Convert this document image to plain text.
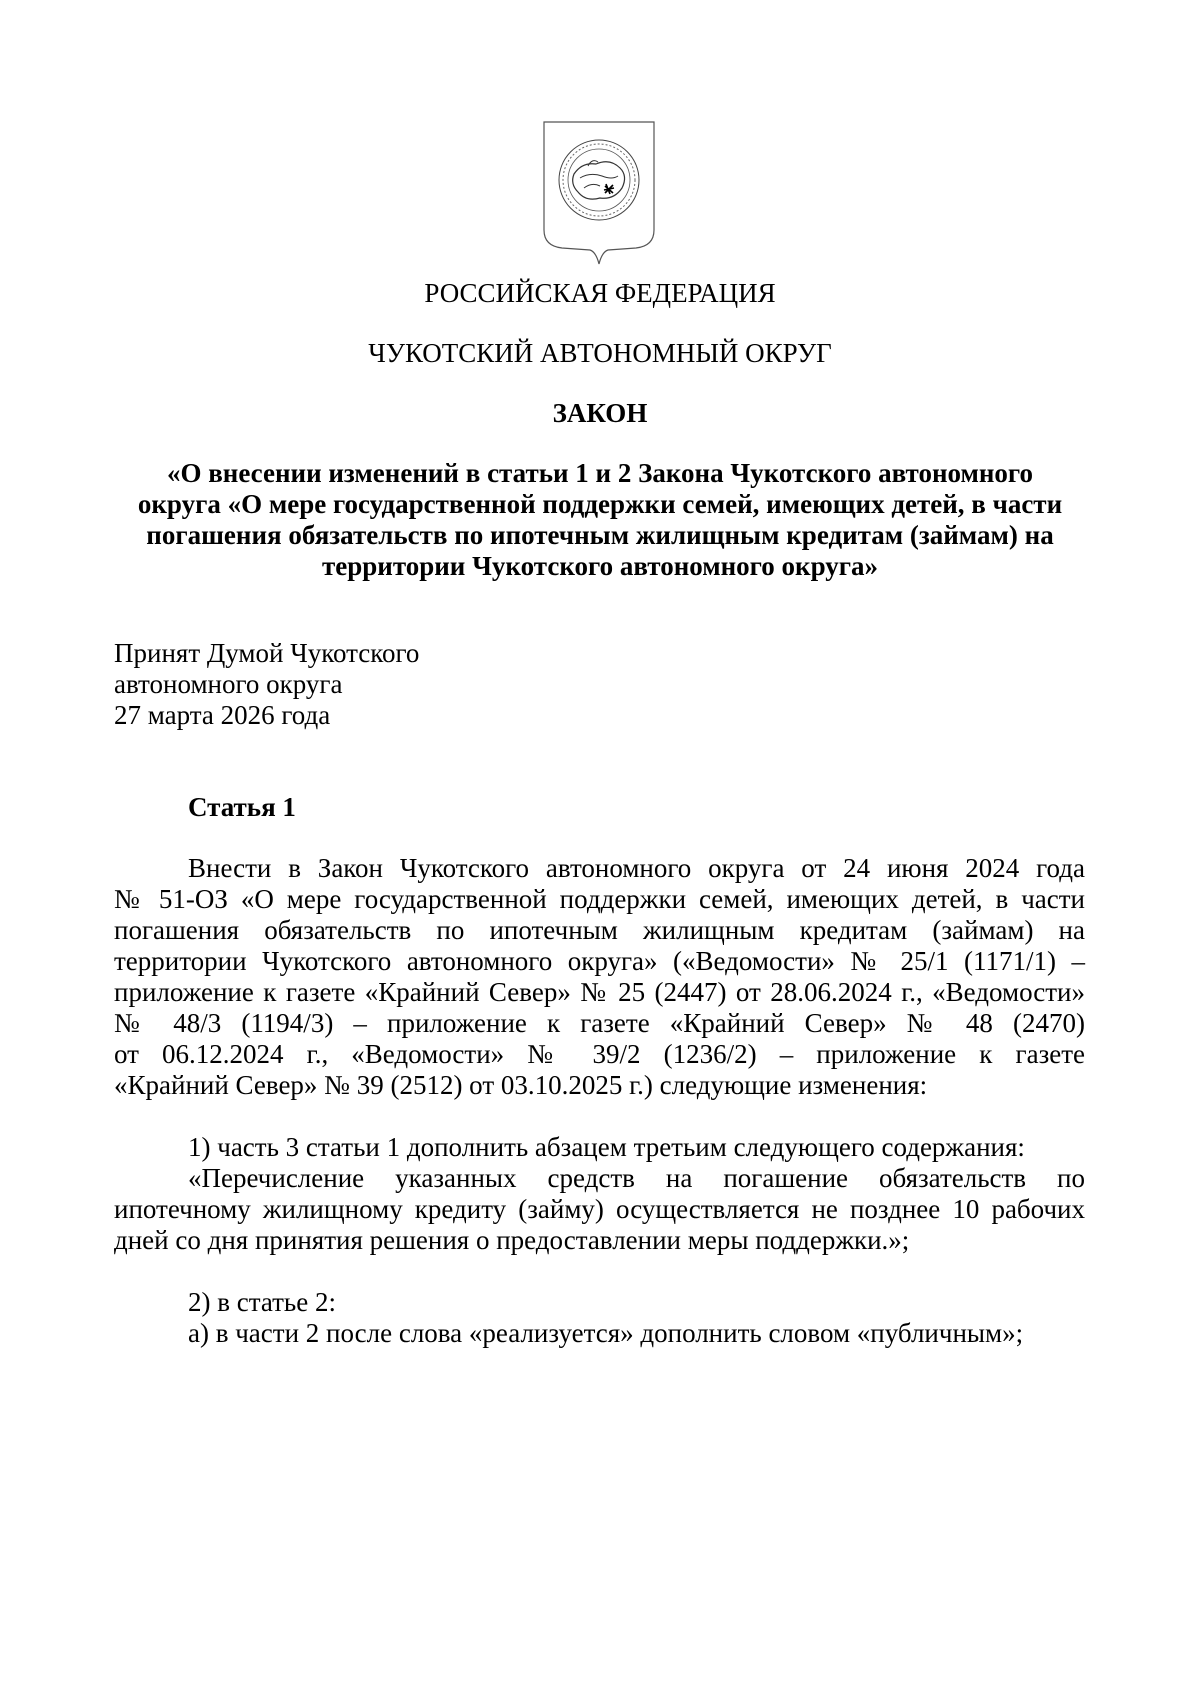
РОССИЙСКАЯ ФЕДЕРАЦИЯ

ЧУКОТСКИЙ АВТОНОМНЫЙ ОКРУГ

ЗАКОН

«О внесении изменений в статьи 1 и 2 Закона Чукотского автономного

округа «О мере государственной поддержки семей, имеющих детей, в части

погашения обязательств по ипотечным жилищным кредитам (займам) на

территории Чукотского автономного округа»

Принят Думой Чукотского

автономного округа

27 марта 2026 года

Статья 1

Внести в Закон Чукотского автономного округа от 24 июня 2024 года

№ 51-ОЗ «О мере государственной поддержки семей, имеющих детей, в части

погашения обязательств по ипотечным жилищным кредитам (займам) на

территории Чукотского автономного округа» («Ведомости» № 25/1 (1171/1) –

приложение к газете «Крайний Север» № 25 (2447) от 28.06.2024 г., «Ведомости»

№ 48/3 (1194/3) – приложение к газете «Крайний Север» № 48 (2470)

от 06.12.2024 г., «Ведомости» № 39/2 (1236/2) – приложение к газете

«Крайний Север» № 39 (2512) от 03.10.2025 г.) следующие изменения:

1) часть 3 статьи 1 дополнить абзацем третьим следующего содержания:

«Перечисление указанных средств на погашение обязательств по

ипотечному жилищному кредиту (займу) осуществляется не позднее 10 рабочих

дней со дня принятия решения о предоставлении меры поддержки.»;

2) в статье 2:

а) в части 2 после слова «реализуется» дополнить словом «публичным»;
